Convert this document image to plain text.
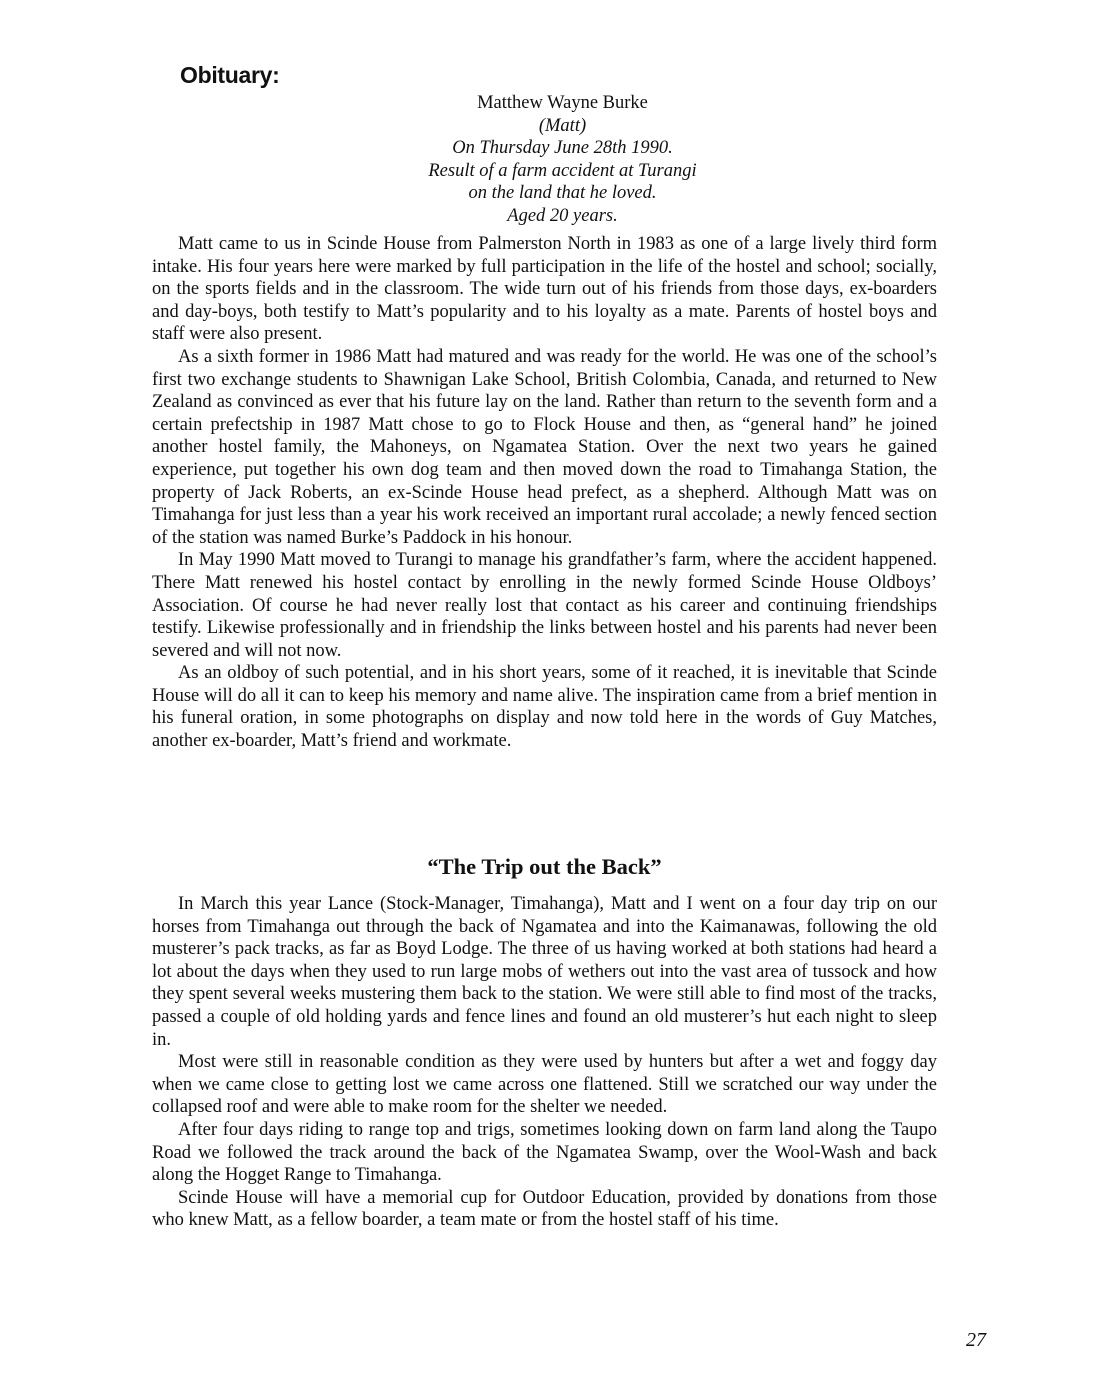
Obituary:
Matthew Wayne Burke
(Matt)
On Thursday June 28th 1990.
Result of a farm accident at Turangi
on the land that he loved.
Aged 20 years.

Matt came to us in Scinde House from Palmerston North in 1983 as one of a large lively third form intake. His four years here were marked by full participation in the life of the hostel and school; socially, on the sports fields and in the classroom. The wide turn out of his friends from those days, ex-boarders and day-boys, both testify to Matt’s popularity and to his loyalty as a mate. Parents of hostel boys and staff were also present.

As a sixth former in 1986 Matt had matured and was ready for the world. He was one of the school’s first two exchange students to Shawnigan Lake School, British Colombia, Canada, and returned to New Zealand as convinced as ever that his future lay on the land. Rather than return to the seventh form and a certain prefectship in 1987 Matt chose to go to Flock House and then, as “general hand” he joined another hostel family, the Mahoneys, on Ngamatea Station. Over the next two years he gained experience, put together his own dog team and then moved down the road to Timahanga Station, the property of Jack Roberts, an ex-Scinde House head prefect, as a shepherd. Although Matt was on Timahanga for just less than a year his work received an important rural accolade; a newly fenced section of the station was named Burke’s Paddock in his honour.

In May 1990 Matt moved to Turangi to manage his grandfather’s farm, where the accident happened. There Matt renewed his hostel contact by enrolling in the newly formed Scinde House Oldboys’ Association. Of course he had never really lost that contact as his career and continuing friendships testify. Likewise professionally and in friendship the links between hostel and his parents had never been severed and will not now.

As an oldboy of such potential, and in his short years, some of it reached, it is inevitable that Scinde House will do all it can to keep his memory and name alive. The inspiration came from a brief mention in his funeral oration, in some photographs on display and now told here in the words of Guy Matches, another ex-boarder, Matt’s friend and workmate.

“The Trip out the Back”

In March this year Lance (Stock-Manager, Timahanga), Matt and I went on a four day trip on our horses from Timahanga out through the back of Ngamatea and into the Kaimanawas, following the old musterer’s pack tracks, as far as Boyd Lodge. The three of us having worked at both stations had heard a lot about the days when they used to run large mobs of wethers out into the vast area of tussock and how they spent several weeks mustering them back to the station. We were still able to find most of the tracks, passed a couple of old holding yards and fence lines and found an old musterer’s hut each night to sleep in.

Most were still in reasonable condition as they were used by hunters but after a wet and foggy day when we came close to getting lost we came across one flattened. Still we scratched our way under the collapsed roof and were able to make room for the shelter we needed.

After four days riding to range top and trigs, sometimes looking down on farm land along the Taupo Road we followed the track around the back of the Ngamatea Swamp, over the Wool-Wash and back along the Hogget Range to Timahanga.

Scinde House will have a memorial cup for Outdoor Education, provided by donations from those who knew Matt, as a fellow boarder, a team mate or from the hostel staff of his time.

27
